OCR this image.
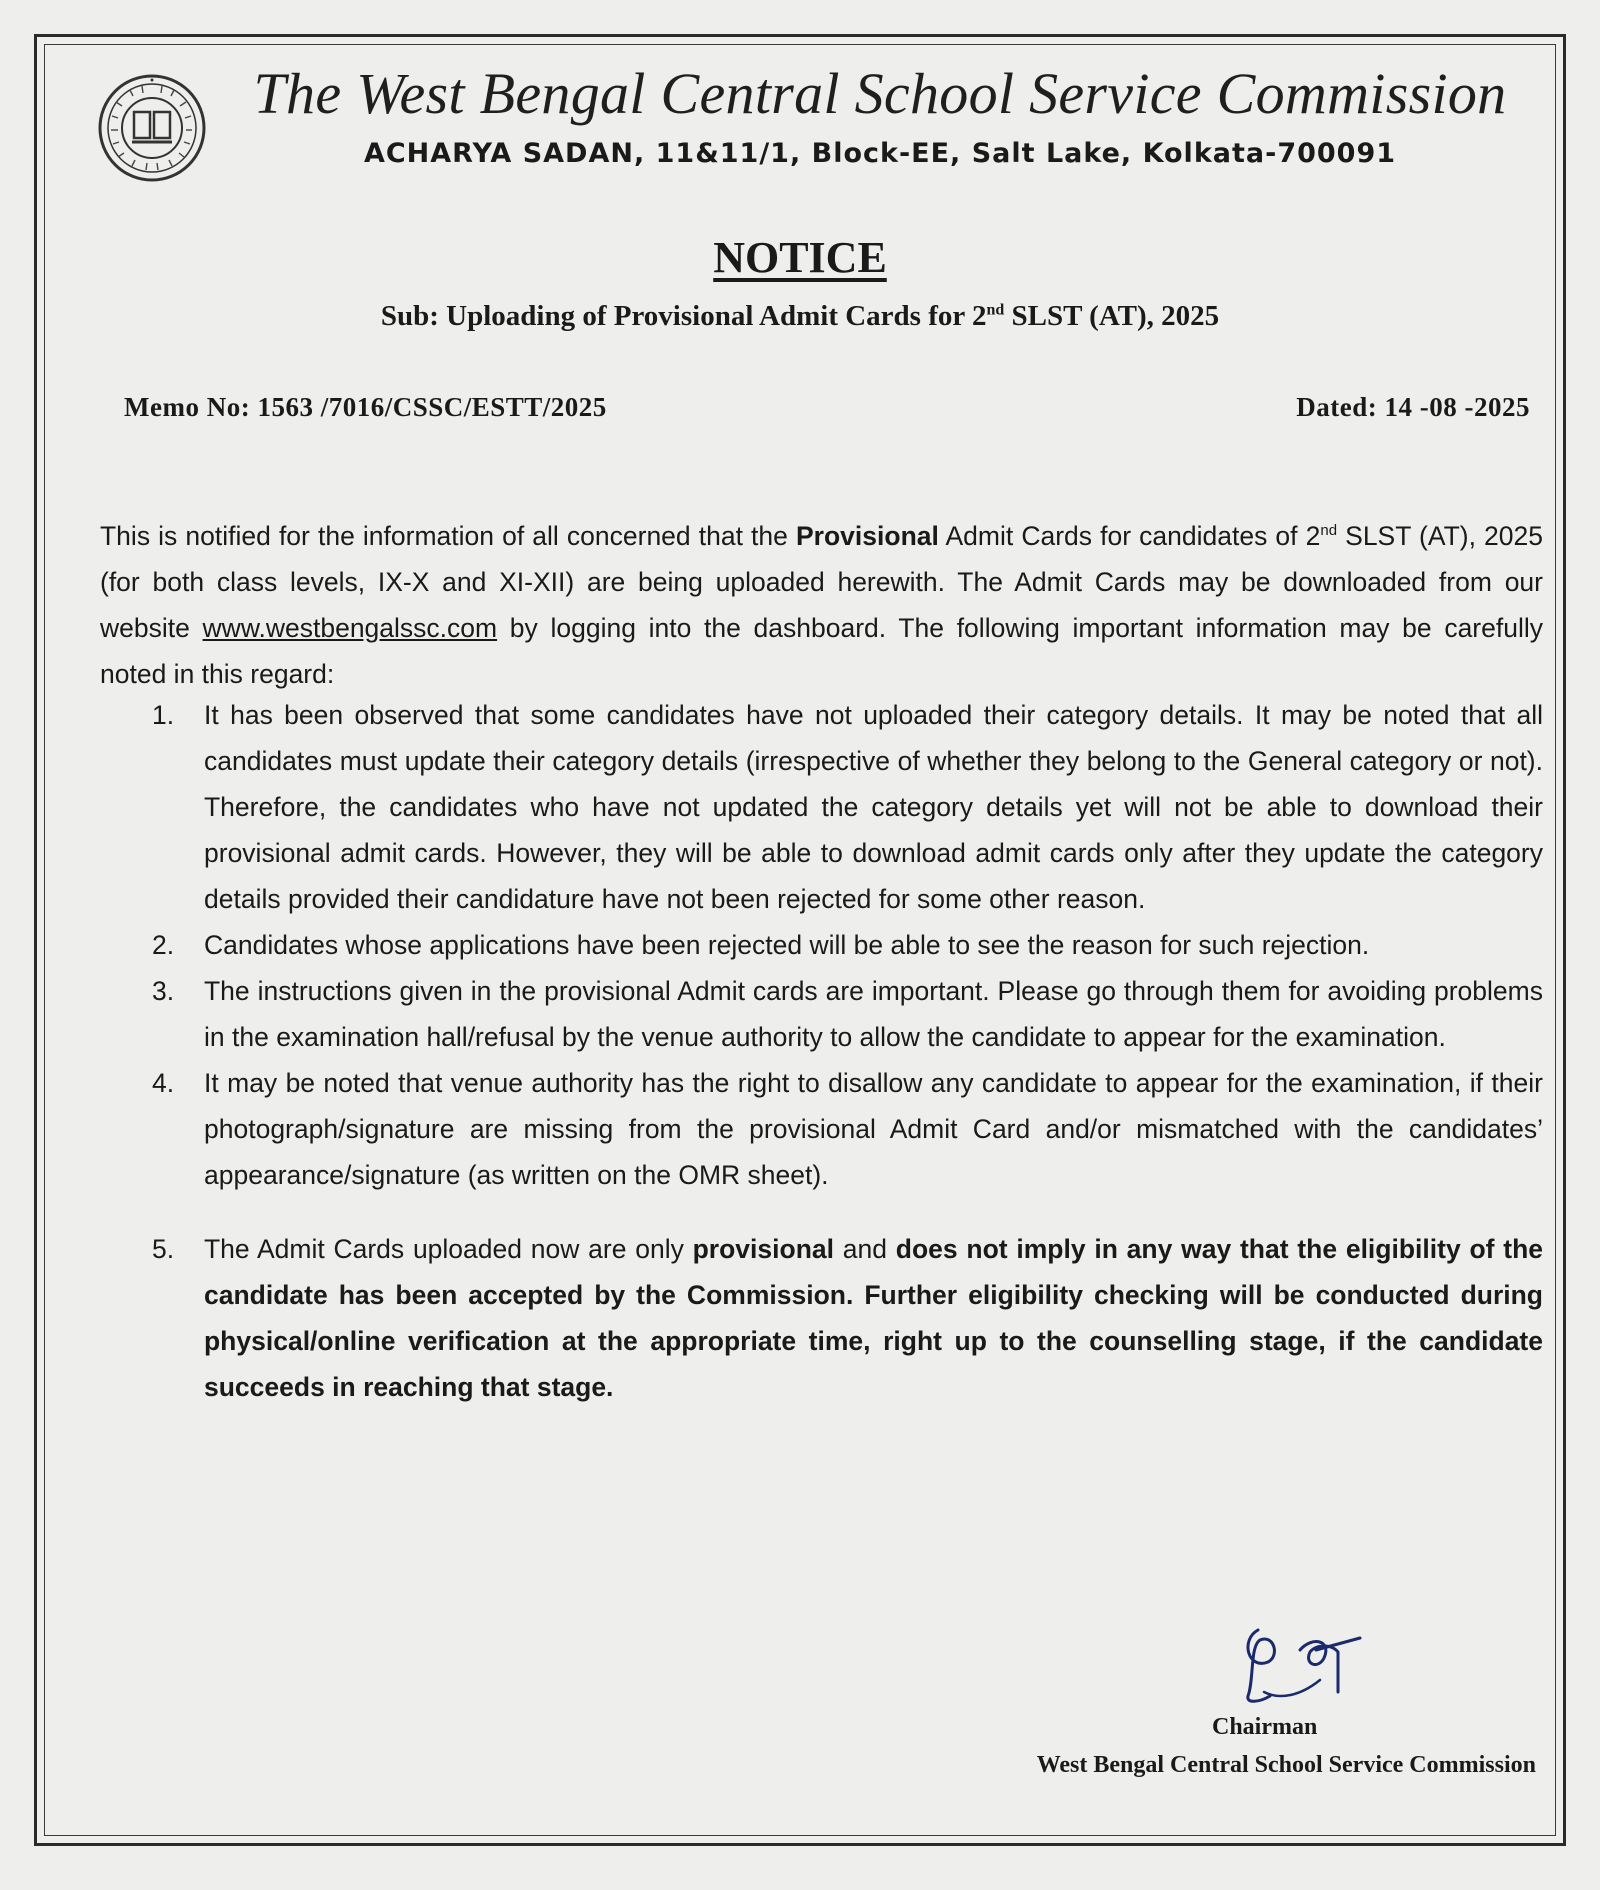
The West Bengal Central School Service Commission
ACHARYA SADAN, 11&11/1, Block-EE, Salt Lake, Kolkata-700091
NOTICE
Sub: Uploading of Provisional Admit Cards for 2nd SLST (AT), 2025
Memo No: 1563 /7016/CSSC/ESTT/2025	Dated: 14 -08 -2025
This is notified for the information of all concerned that the Provisional Admit Cards for candidates of 2nd SLST (AT), 2025 (for both class levels, IX-X and XI-XII) are being uploaded herewith. The Admit Cards may be downloaded from our website www.westbengalssc.com by logging into the dashboard. The following important information may be carefully noted in this regard:
1. It has been observed that some candidates have not uploaded their category details. It may be noted that all candidates must update their category details (irrespective of whether they belong to the General category or not). Therefore, the candidates who have not updated the category details yet will not be able to download their provisional admit cards. However, they will be able to download admit cards only after they update the category details provided their candidature have not been rejected for some other reason.
2. Candidates whose applications have been rejected will be able to see the reason for such rejection.
3. The instructions given in the provisional Admit cards are important. Please go through them for avoiding problems in the examination hall/refusal by the venue authority to allow the candidate to appear for the examination.
4. It may be noted that venue authority has the right to disallow any candidate to appear for the examination, if their photograph/signature are missing from the provisional Admit Card and/or mismatched with the candidates’ appearance/signature (as written on the OMR sheet).
5. The Admit Cards uploaded now are only provisional and does not imply in any way that the eligibility of the candidate has been accepted by the Commission. Further eligibility checking will be conducted during physical/online verification at the appropriate time, right up to the counselling stage, if the candidate succeeds in reaching that stage.
Chairman
West Bengal Central School Service Commission
